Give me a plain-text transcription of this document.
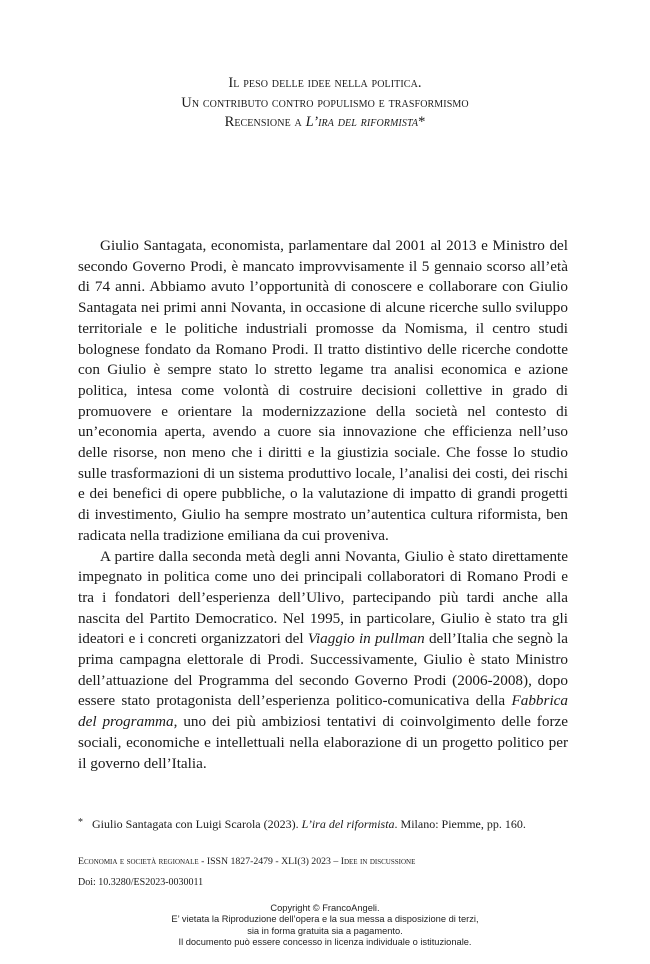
Il peso delle idee nella politica.
Un contributo contro populismo e trasformismo
Recensione a L’ira del riformista*

Giulio Santagata, economista, parlamentare dal 2001 al 2013 e Ministro del secondo Governo Prodi, è mancato improvvisamente il 5 gennaio scorso all’età di 74 anni. Abbiamo avuto l’opportunità di conoscere e collaborare con Giulio Santagata nei primi anni Novanta, in occasione di alcune ricerche sullo sviluppo territoriale e le politiche industriali promosse da Nomisma, il centro studi bolognese fondato da Romano Prodi. Il tratto distintivo delle ricerche condotte con Giulio è sempre stato lo stretto legame tra analisi economica e azione politica, intesa come volontà di costruire decisioni collettive in grado di promuovere e orientare la modernizzazione della società nel contesto di un’economia aperta, avendo a cuore sia innovazione che efficienza nell’uso delle risorse, non meno che i diritti e la giustizia sociale. Che fosse lo studio sulle trasformazioni di un sistema produttivo locale, l’analisi dei costi, dei rischi e dei benefici di opere pubbliche, o la valutazione di impatto di grandi progetti di investimento, Giulio ha sempre mostrato un’autentica cultura riformista, ben radicata nella tradizione emiliana da cui proveniva.

A partire dalla seconda metà degli anni Novanta, Giulio è stato direttamente impegnato in politica come uno dei principali collaboratori di Romano Prodi e tra i fondatori dell’esperienza dell’Ulivo, partecipando più tardi anche alla nascita del Partito Democratico. Nel 1995, in particolare, Giulio è stato tra gli ideatori e i concreti organizzatori del Viaggio in pullman dell’Italia che segnò la prima campagna elettorale di Prodi. Successivamente, Giulio è stato Ministro dell’attuazione del Programma del secondo Governo Prodi (2006-2008), dopo essere stato protagonista dell’esperienza politico-comunicativa della Fabbrica del programma, uno dei più ambiziosi tentativi di coinvolgimento delle forze sociali, economiche e intellettuali nella elaborazione di un progetto politico per il governo dell’Italia.

* Giulio Santagata con Luigi Scarola (2023). L’ira del riformista. Milano: Piemme, pp. 160.
Economia e società regionale - ISSN 1827-2479 - XLI(3) 2023 – Idee in discussione
Doi: 10.3280/ES2023-0030011
Copyright © FrancoAngeli.
E’ vietata la Riproduzione dell’opera e la sua messa a disposizione di terzi,
sia in forma gratuita sia a pagamento.
Il documento può essere concesso in licenza individuale o istituzionale.
